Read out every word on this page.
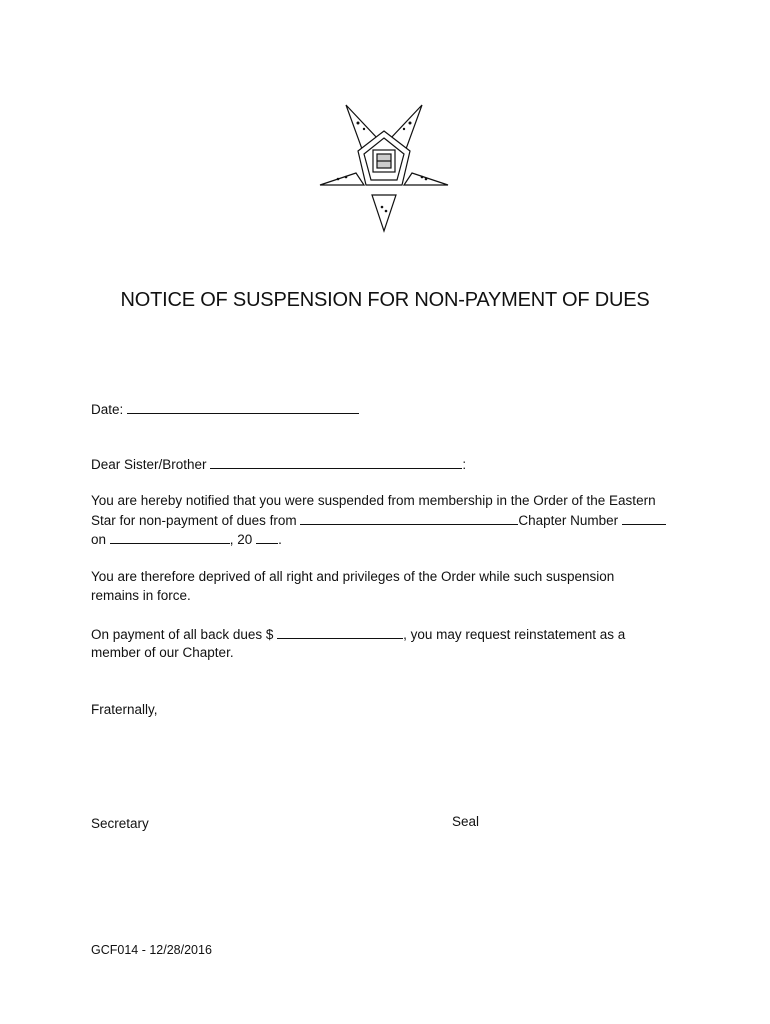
NOTICE OF SUSPENSION FOR NON-PAYMENT OF DUES
Date:
Dear Sister/Brother	:
You are hereby notified that you were suspended from membership in the Order of the Eastern
Star for non-payment of dues from	Chapter Number
on	, 20 .
You are therefore deprived of all right and privileges of the Order while such suspension
remains in force.
On payment of all back dues $	, you may request reinstatement as a
member of our Chapter.
Fraternally,
Secretary	Seal
GCF014 - 12/28/2016
